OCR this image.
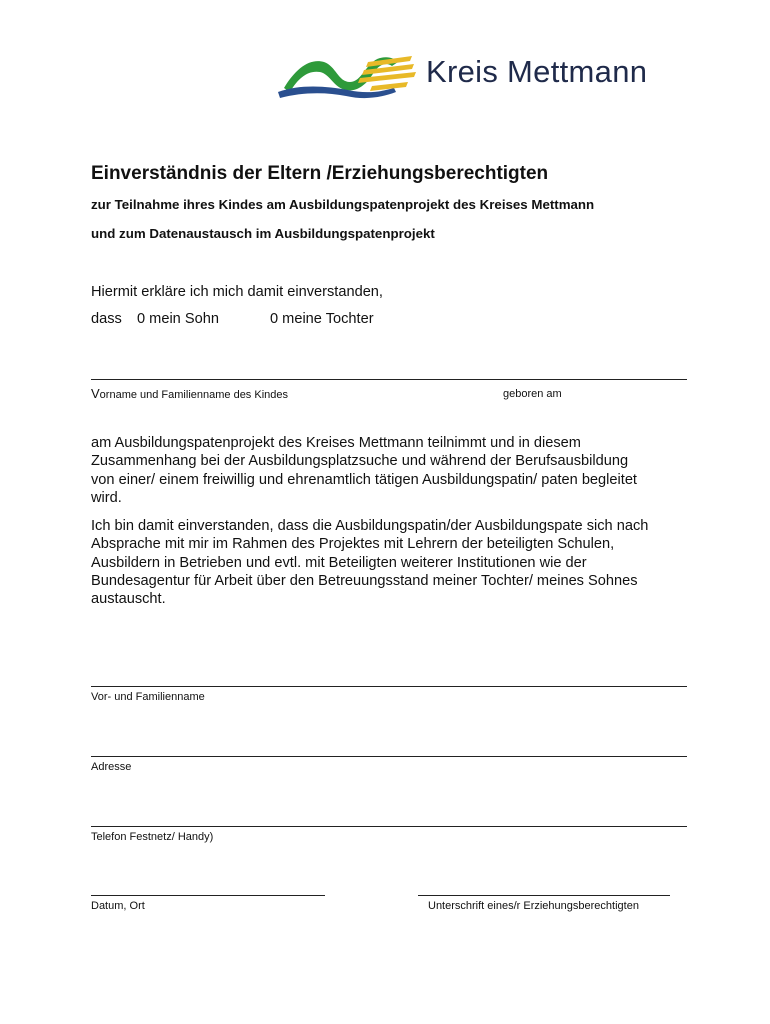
Kreis Mettmann
Einverständnis der Eltern /Erziehungsberechtigten
zur Teilnahme ihres Kindes am Ausbildungspatenprojekt des Kreises Mettmann
und zum Datenaustausch im Ausbildungspatenprojekt
Hiermit erkläre ich mich damit einverstanden,
dass 0 mein Sohn	0 meine Tochter
Vorname und Familienname des Kindes	geboren am
am Ausbildungspatenprojekt des Kreises Mettmann teilnimmt und in diesem
Zusammenhang bei der Ausbildungsplatzsuche und während der Berufsausbildung
von einer/ einem freiwillig und ehrenamtlich tätigen Ausbildungspatin/ paten begleitet
wird.
Ich bin damit einverstanden, dass die Ausbildungspatin/der Ausbildungspate sich nach
Absprache mit mir im Rahmen des Projektes mit Lehrern der beteiligten Schulen,
Ausbildern in Betrieben und evtl. mit Beteiligten weiterer Institutionen wie der
Bundesagentur für Arbeit über den Betreuungsstand meiner Tochter/ meines Sohnes
austauscht.
Vor- und Familienname
Adresse
Telefon Festnetz/ Handy)
Datum, Ort	Unterschrift eines/r Erziehungsberechtigten
